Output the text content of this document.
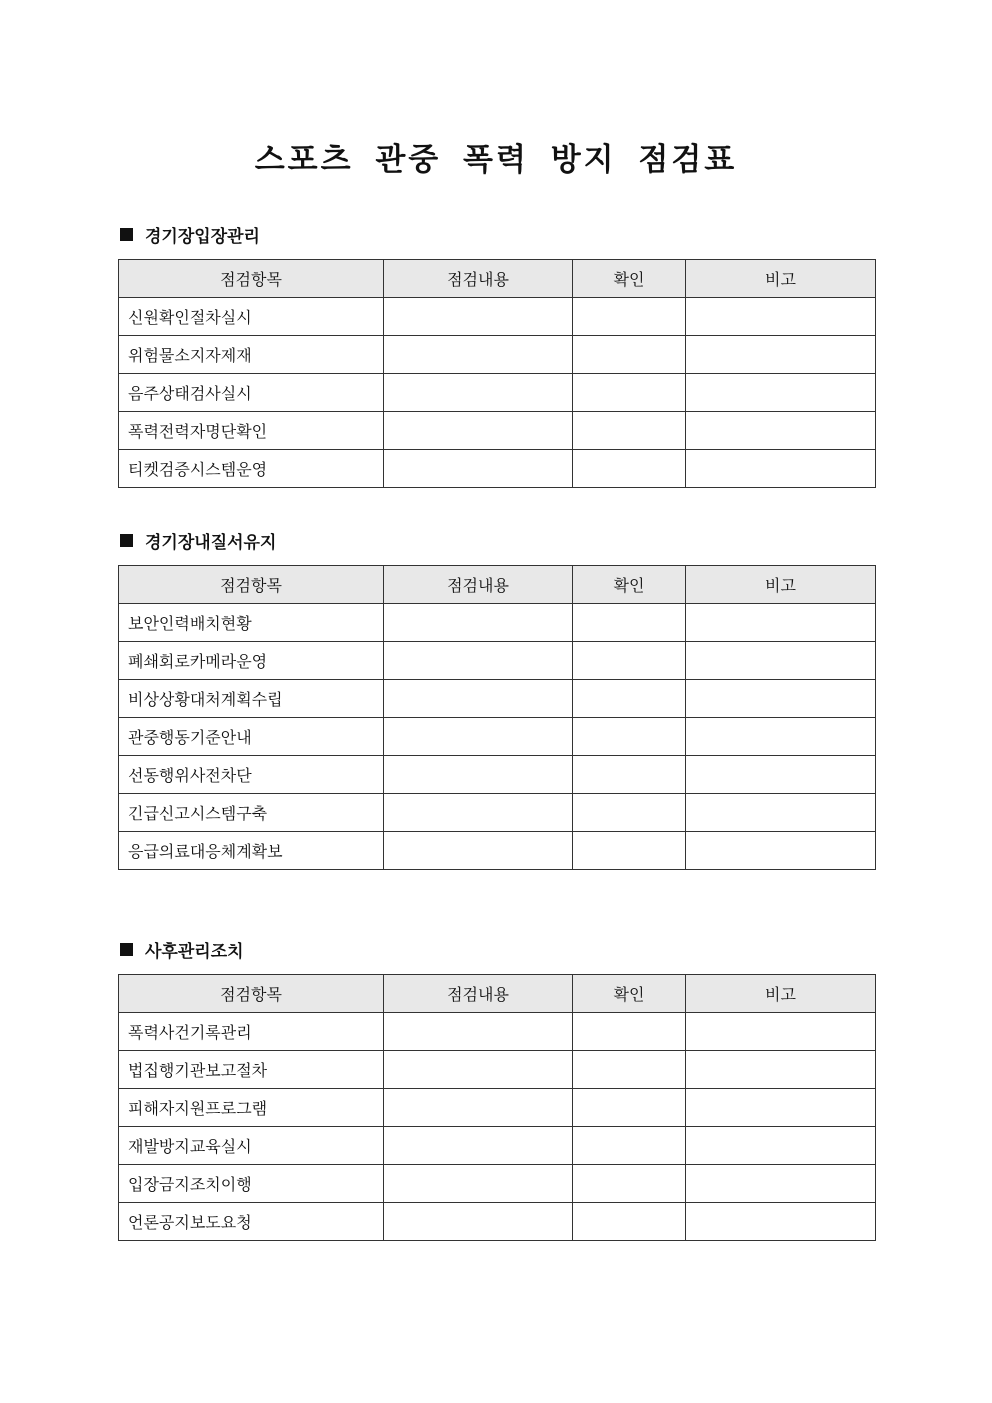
스포츠 관중 폭력 방지 점검표
경기장입장관리
점검항목	점검내용	확인	비고
신원확인절차실시			
위험물소지자제재			
음주상태검사실시			
폭력전력자명단확인			
티켓검증시스템운영			
경기장내질서유지
점검항목	점검내용	확인	비고
보안인력배치현황			
폐쇄회로카메라운영			
비상상황대처계획수립			
관중행동기준안내			
선동행위사전차단			
긴급신고시스템구축			
응급의료대응체계확보			
사후관리조치
점검항목	점검내용	확인	비고
폭력사건기록관리			
법집행기관보고절차			
피해자지원프로그램			
재발방지교육실시			
입장금지조치이행			
언론공지보도요청			
